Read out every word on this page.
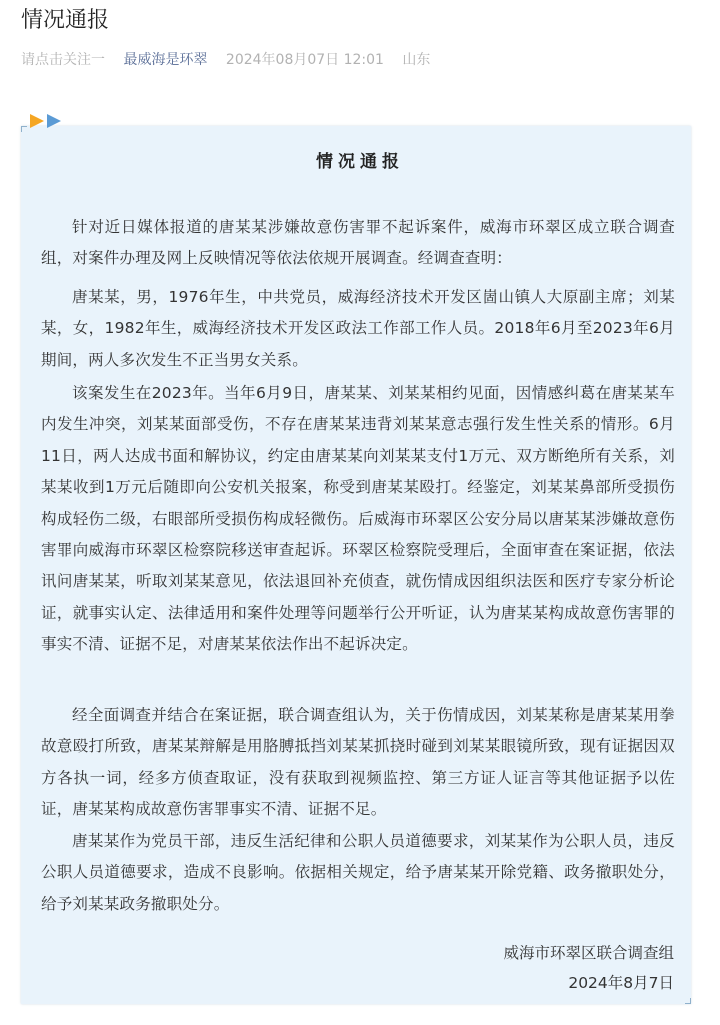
情况通报
请点击关注一 最威海是环翠 2024年08月07日 12:01 山东
情况通报

针对近日媒体报道的唐某某涉嫌故意伤害罪不起诉案件，威海市环翠区成立联合调查组，对案件办理及网上反映情况等依法依规开展调查。经调查查明：

唐某某，男，1976年生，中共党员，威海经济技术开发区崮山镇人大原副主席；刘某某，女，1982年生，威海经济技术开发区政法工作部工作人员。2018年6月至2023年6月期间，两人多次发生不正当男女关系。

该案发生在2023年。当年6月9日，唐某某、刘某某相约见面，因情感纠葛在唐某某车内发生冲突，刘某某面部受伤，不存在唐某某违背刘某某意志强行发生性关系的情形。6月11日，两人达成书面和解协议，约定由唐某某向刘某某支付1万元、双方断绝所有关系，刘某某收到1万元后随即向公安机关报案，称受到唐某某殴打。经鉴定，刘某某鼻部所受损伤构成轻伤二级，右眼部所受损伤构成轻微伤。后威海市环翠区公安分局以唐某某涉嫌故意伤害罪向威海市环翠区检察院移送审查起诉。环翠区检察院受理后，全面审查在案证据，依法讯问唐某某，听取刘某某意见，依法退回补充侦查，就伤情成因组织法医和医疗专家分析论证，就事实认定、法律适用和案件处理等问题举行公开听证，认为唐某某构成故意伤害罪的事实不清、证据不足，对唐某某依法作出不起诉决定。

经全面调查并结合在案证据，联合调查组认为，关于伤情成因，刘某某称是唐某某用拳故意殴打所致，唐某某辩解是用胳膊抵挡刘某某抓挠时碰到刘某某眼镜所致，现有证据因双方各执一词，经多方侦查取证，没有获取到视频监控、第三方证人证言等其他证据予以佐证，唐某某构成故意伤害罪事实不清、证据不足。

唐某某作为党员干部，违反生活纪律和公职人员道德要求，刘某某作为公职人员，违反公职人员道德要求，造成不良影响。依据相关规定，给予唐某某开除党籍、政务撤职处分，给予刘某某政务撤职处分。

威海市环翠区联合调查组

2024年8月7日
